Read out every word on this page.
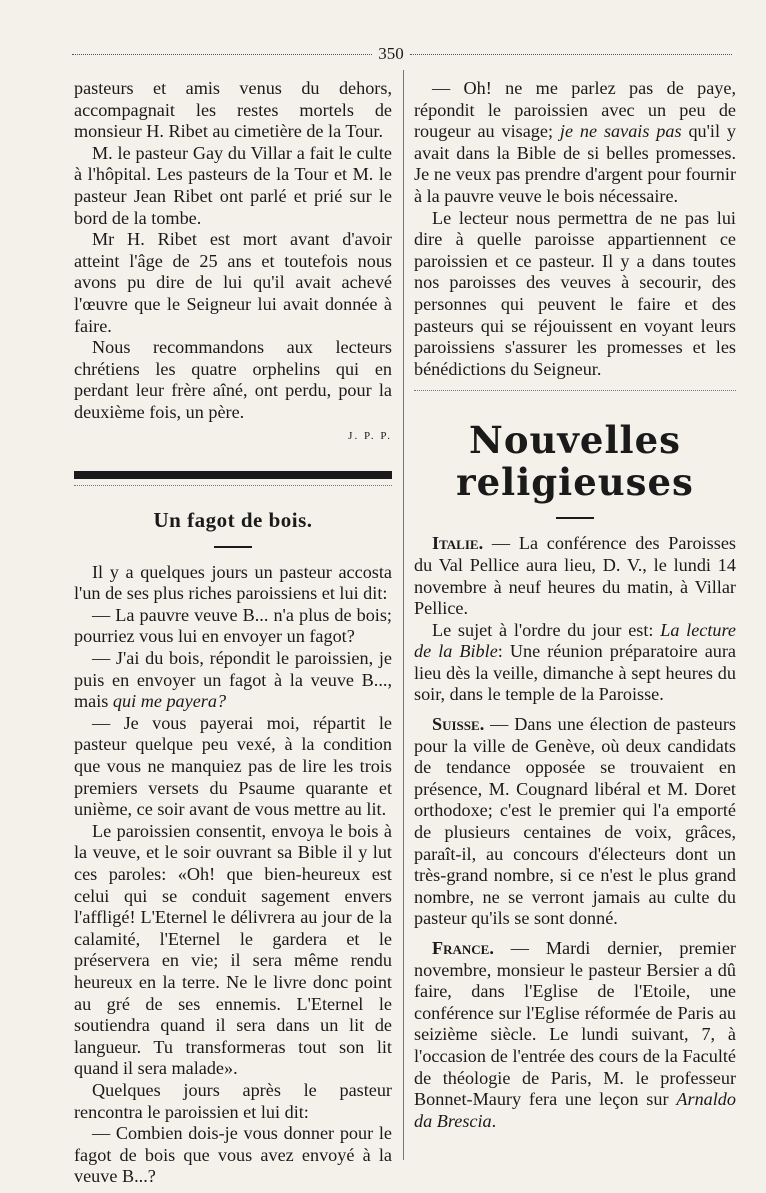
350

pasteurs et amis venus du dehors, accompagnait les restes mortels de monsieur H. Ribet au cimetière de la Tour.

M. le pasteur Gay du Villar a fait le culte à l'hôpital. Les pasteurs de la Tour et M. le pasteur Jean Ribet ont parlé et prié sur le bord de la tombe.

Mr H. Ribet est mort avant d'avoir atteint l'âge de 25 ans et toutefois nous avons pu dire de lui qu'il avait achevé l'œuvre que le Seigneur lui avait donnée à faire.

Nous recommandons aux lecteurs chrétiens les quatre orphelins qui en perdant leur frère aîné, ont perdu, pour la deuxième fois, un père.

J. P. P.
Un fagot de bois.

Il y a quelques jours un pasteur accosta l'un de ses plus riches paroissiens et lui dit:

— La pauvre veuve B... n'a plus de bois; pourriez vous lui en envoyer un fagot?

— J'ai du bois, répondit le paroissien, je puis en envoyer un fagot à la veuve B..., mais qui me payera?

— Je vous payerai moi, répartit le pasteur quelque peu vexé, à la condition que vous ne manquiez pas de lire les trois premiers versets du Psaume quarante et unième, ce soir avant de vous mettre au lit.

Le paroissien consentit, envoya le bois à la veuve, et le soir ouvrant sa Bible il y lut ces paroles: «Oh! que bien-heureux est celui qui se conduit sagement envers l'affligé! L'Eternel le délivrera au jour de la calamité, l'Eternel le gardera et le préservera en vie; il sera même rendu heureux en la terre. Ne le livre donc point au gré de ses ennemis. L'Eternel le soutiendra quand il sera dans un lit de langueur. Tu transformeras tout son lit quand il sera malade».

Quelques jours après le pasteur rencontra le paroissien et lui dit:

— Combien dois-je vous donner pour le fagot de bois que vous avez envoyé à la veuve B...?

— Oh! ne me parlez pas de paye, répondit le paroissien avec un peu de rougeur au visage; je ne savais pas qu'il y avait dans la Bible de si belles promesses. Je ne veux pas prendre d'argent pour fournir à la pauvre veuve le bois nécessaire.

Le lecteur nous permettra de ne pas lui dire à quelle paroisse appartiennent ce paroissien et ce pasteur. Il y a dans toutes nos paroisses des veuves à secourir, des personnes qui peuvent le faire et des pasteurs qui se réjouissent en voyant leurs paroissiens s'assurer les promesses et les bénédictions du Seigneur.

Nouvelles religieuses

Italie. — La conférence des Paroisses du Val Pellice aura lieu, D. V., le lundi 14 novembre à neuf heures du matin, à Villar Pellice.

Le sujet à l'ordre du jour est: La lecture de la Bible: Une réunion préparatoire aura lieu dès la veille, dimanche à sept heures du soir, dans le temple de la Paroisse.

Suisse. — Dans une élection de pasteurs pour la ville de Genève, où deux candidats de tendance opposée se trouvaient en présence, M. Cougnard libéral et M. Doret orthodoxe; c'est le premier qui l'a emporté de plusieurs centaines de voix, grâces, paraît-il, au concours d'électeurs dont un très-grand nombre, si ce n'est le plus grand nombre, ne se verront jamais au culte du pasteur qu'ils se sont donné.

France. — Mardi dernier, premier novembre, monsieur le pasteur Bersier a dû faire, dans l'Eglise de l'Etoile, une conférence sur l'Eglise réformée de Paris au seizième siècle. Le lundi suivant, 7, à l'occasion de l'entrée des cours de la Faculté de théologie de Paris, M. le professeur Bonnet-Maury fera une leçon sur Arnaldo da Brescia.
